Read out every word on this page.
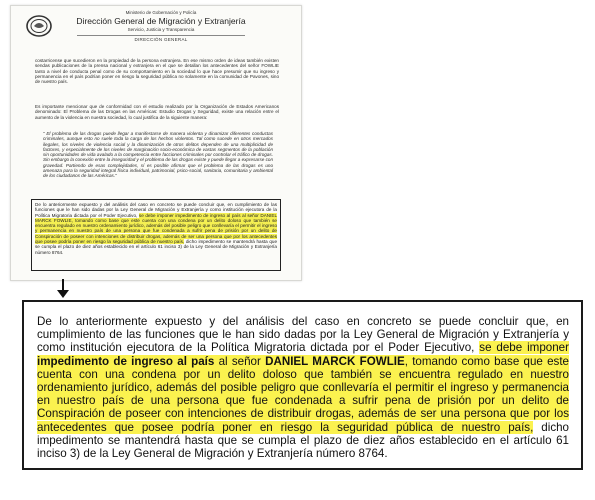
Ministerio de Gobernación y Policía
Dirección General de Migración y Extranjería
Servicio, Justicia y Transparencia
DIRECCIÓN GENERAL
costarricense que sucedieron en la propiedad de la persona extranjera. En ese mismo orden de ideas también existen sendas publicaciones de la prensa nacional y extranjera en el que se detallan los antecedentes del señor FOWLIE tanto a nivel de conducta penal como de su comportamiento en la sociedad lo que hace presumir que su ingreso y permanencia en el país podrían poner en riesgo la seguridad pública no solamente en la comunidad de Pavones, sino de nuestro país.
Es importante mencionar que de conformidad con el estudio realizado por la Organización de Estados Americanos denominado: El Problema de las Drogas en las Américas: Estudio Drogas y Seguridad, existe una relación entre el aumento de la violencia en nuestra sociedad, lo cual justifica de la siguiente manera:
" El problema de las drogas puede llegar a manifestarse de manera violenta y dinamizar diferentes conductas criminales, aunque esto no suele toda la carga de los hechos violentos. Tal como sucede en otros mercados ilegales, los niveles de violencia social y la dinamización de otros delitos dependen de una multiplicidad de factores, y especialmente de los niveles de marginación socio-económica de vastas segmentos de la población sin oportunidades de vida avalado a la competencia entre facciones criminales por controlar el tráfico de drogas. Sin embargo la conexión entre la inseguridad y el problema de las drogas existe y puede llegar a expresarse con gravedad. Partiendo de esas complejidades, sí es posible afirmar que el problema de las drogas es uno amenaza para la seguridad integral física individual, patrimonial, psico-social, sanitaria, comunitaria y ambiental de los ciudadanos de las Américas."
De lo anteriormente expuesto y del análisis del caso en concreto se puede concluir que, en cumplimiento de las funciones que le han sido dadas por la Ley General de Migración y Extranjería y como institución ejecutora de la Política Migratoria dictada por el Poder Ejecutivo, se debe imponer impedimento de ingreso al país al señor DANIEL MARCK FOWLIE, tomando como base que este cuenta con una condena por un delito doloso que también se encuentra regulado en nuestro ordenamiento jurídico, además del posible peligro que conllevaría el permitir el ingreso y permanencia en nuestro país de una persona que fue condenada a sufrir pena de prisión por un delito de Conspiración de poseer con intenciones de distribuir drogas, además de ser una persona que por los antecedentes que posee podría poner en riesgo la seguridad pública de nuestro país, dicho impedimento se mantendrá hasta que se cumpla el plazo de diez años establecido en el artículo 61 inciso 3) de la Ley General de Migración y Extranjería número 8764.
De lo anteriormente expuesto y del análisis del caso en concreto se puede concluir que, en cumplimiento de las funciones que le han sido dadas por la Ley General de Migración y Extranjería y como institución ejecutora de la Política Migratoria dictada por el Poder Ejecutivo, se debe imponer impedimento de ingreso al país al señor DANIEL MARCK FOWLIE, tomando como base que este cuenta con una condena por un delito doloso que también se encuentra regulado en nuestro ordenamiento jurídico, además del posible peligro que conllevaría el permitir el ingreso y permanencia en nuestro país de una persona que fue condenada a sufrir pena de prisión por un delito de Conspiración de poseer con intenciones de distribuir drogas, además de ser una persona que por los antecedentes que posee podría poner en riesgo la seguridad pública de nuestro país, dicho impedimento se mantendrá hasta que se cumpla el plazo de diez años establecido en el artículo 61 inciso 3) de la Ley General de Migración y Extranjería número 8764.
